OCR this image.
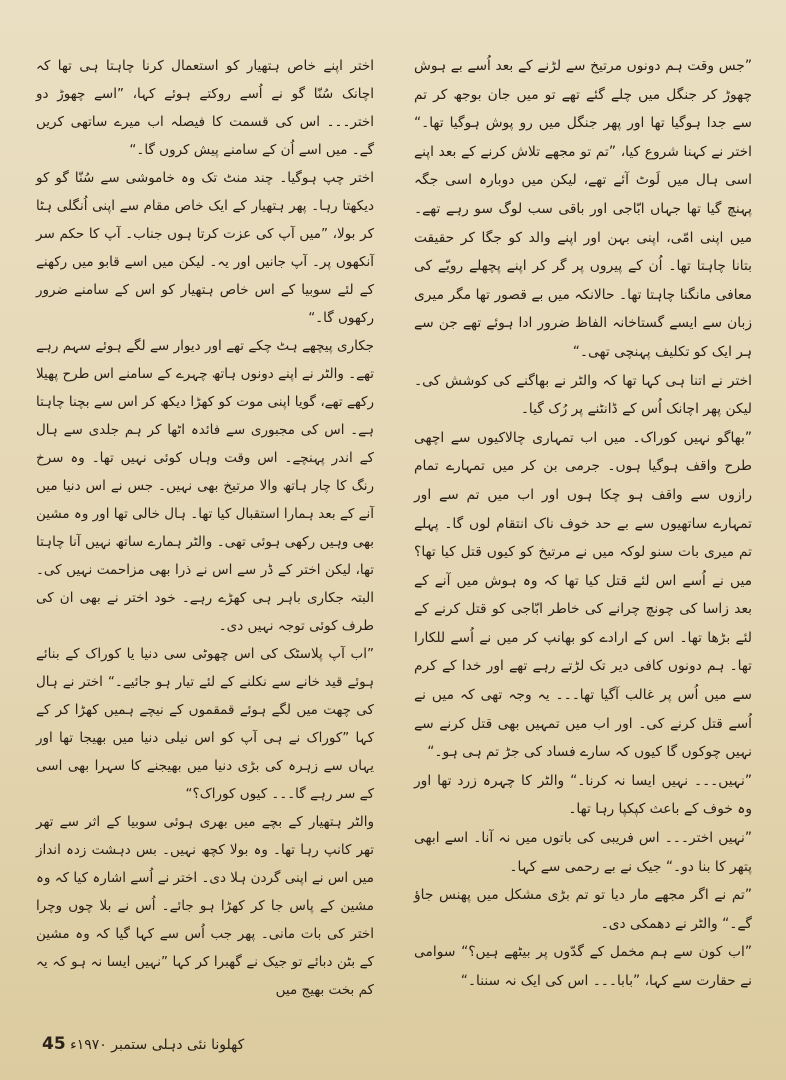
”جس وقت ہم دونوں مرتیخ سے لڑنے کے بعد اُسے بے ہوش چھوڑ کر جنگل میں چلے گئے تھے تو میں جان بوجھ کر تم سے جدا ہوگیا تھا اور پھر جنگل میں رو پوش ہوگیا تھا۔“ اختر نے کہنا شروع کیا، ”تم تو مجھے تلاش کرنے کے بعد اپنے اسی ہال میں لَوٹ آئے تھے، لیکن میں دوبارہ اسی جگہ پہنچ گیا تھا جہاں ابّاجی اور باقی سب لوگ سو رہے تھے۔ میں اپنی امّی، اپنی بہن اور اپنے والد کو جگا کر حقیقت بتانا چاہتا تھا۔ اُن کے پیروں پر گر کر اپنے پچھلے رویّے کی معافی مانگنا چاہتا تھا۔ حالانکہ میں بے قصور تھا مگر میری زبان سے ایسے گستاخانہ الفاظ ضرور ادا ہوئے تھے جن سے ہر ایک کو تکلیف پہنچی تھی۔“

اختر نے اتنا ہی کہا تھا کہ والٹر نے بھاگنے کی کوشش کی۔ لیکن پھر اچانک اُس کے ڈانٹنے پر رُک گیا۔

”بھاگو نہیں کوراک۔ میں اب تمہاری چالاکیوں سے اچھی طرح واقف ہوگیا ہوں۔ جرمی بن کر میں تمہارے تمام رازوں سے واقف ہو چکا ہوں اور اب میں تم سے اور تمہارے ساتھیوں سے بے حد خوف ناک انتقام لوں گا۔ پہلے تم میری بات سنو لوکہ میں نے مرتیخ کو کیوں قتل کیا تھا؟ میں نے اُسے اس لئے قتل کیا تھا کہ وہ ہوش میں آنے کے بعد زاسا کی چونچ چرانے کی خاطر ابّاجی کو قتل کرنے کے لئے بڑھا تھا۔ اس کے ارادے کو بھانپ کر میں نے اُسے للکارا تھا۔ ہم دونوں کافی دیر تک لڑتے رہے تھے اور خدا کے کرم سے میں اُس پر غالب آگیا تھا۔۔۔ یہ وجہ تھی کہ میں نے اُسے قتل کرنے کی۔ اور اب میں تمہیں بھی قتل کرنے سے نہیں چوکوں گا کیوں کہ سارے فساد کی جڑ تم ہی ہو۔“

”نہیں۔۔۔ نہیں ایسا نہ کرنا۔“ والٹر کا چہرہ زرد تھا اور وہ خوف کے باعث کپکپا رہا تھا۔

”نہیں اختر۔۔۔ اس فریبی کی باتوں میں نہ آنا۔ اسے ابھی پتھر کا بنا دو۔“ جیک نے بے رحمی سے کہا۔

”تم نے اگر مجھے مار دیا تو تم بڑی مشکل میں پھنس جاؤ گے۔“ والٹر نے دھمکی دی۔

”اب کون سے ہم مخمل کے گدّوں پر بیٹھے ہیں؟“ سوامی نے حقارت سے کہا، ”بابا۔۔۔ اس کی ایک نہ سننا۔“

اختر اپنے خاص ہتھیار کو استعمال کرنا چاہتا ہی تھا کہ اچانک سُنّا گو نے اُسے روکتے ہوئے کہا، ”اسے چھوڑ دو اختر۔۔۔ اس کی قسمت کا فیصلہ اب میرے ساتھی کریں گے۔ میں اسے اُن کے سامنے پیش کروں گا۔“

اختر چپ ہوگیا۔ چند منٹ تک وہ خاموشی سے سُنّا گو کو دیکھتا رہا۔ پھر ہتھیار کے ایک خاص مقام سے اپنی اُنگلی ہٹا کر بولا، ”میں آپ کی عزت کرتا ہوں جناب۔ آپ کا حکم سر آنکھوں پر۔ آپ جانیں اور یہ۔ لیکن میں اسے قابو میں رکھنے کے لئے سوبیا کے اس خاص ہتھیار کو اس کے سامنے ضرور رکھوں گا۔“

جکاری پیچھے ہٹ چکے تھے اور دیوار سے لگے ہوئے سہم رہے تھے۔ والٹر نے اپنے دونوں ہاتھ چہرے کے سامنے اس طرح پھیلا رکھے تھے، گویا اپنی موت کو کھڑا دیکھ کر اس سے بچنا چاہتا ہے۔ اس کی مجبوری سے فائدہ اٹھا کر ہم جلدی سے ہال کے اندر پہنچے۔ اس وقت وہاں کوئی نہیں تھا۔ وہ سرخ رنگ کا چار ہاتھ والا مرتیخ بھی نہیں۔ جس نے اس دنیا میں آنے کے بعد ہمارا استقبال کیا تھا۔ ہال خالی تھا اور وہ مشین بھی وہیں رکھی ہوئی تھی۔ والٹر ہمارے ساتھ نہیں آنا چاہتا تھا، لیکن اختر کے ڈر سے اس نے ذرا بھی مزاحمت نہیں کی۔ البتہ جکاری باہر ہی کھڑے رہے۔ خود اختر نے بھی ان کی طرف کوئی توجہ نہیں دی۔

”اب آپ پلاسٹک کی اس چھوٹی سی دنیا یا کوراک کے بنائے ہوئے قید خانے سے نکلنے کے لئے تیار ہو جائیے۔“ اختر نے ہال کی چھت میں لگے ہوئے قمقموں کے نیچے ہمیں کھڑا کر کے کہا ”کوراک نے ہی آپ کو اس نیلی دنیا میں بھیجا تھا اور یہاں سے زہرہ کی بڑی دنیا میں بھیجنے کا سہرا بھی اسی کے سر رہے گا۔۔۔ کیوں کوراک؟“

والٹر ہتھیار کے بچے میں بھری ہوئی سوبیا کے اثر سے تھر تھر کانپ رہا تھا۔ وہ بولا کچھ نہیں۔ بس دہشت زدہ انداز میں اس نے اپنی گردن ہلا دی۔ اختر نے اُسے اشارہ کیا کہ وہ مشین کے پاس جا کر کھڑا ہو جائے۔ اُس نے بلا چوں وچرا اختر کی بات مانی۔ پھر جب اُس سے کہا گیا کہ وہ مشین کے بٹن دبائے تو جیک نے گھبرا کر کہا ”نہیں ایسا نہ ہو کہ یہ کم بخت بھیج میں

کھلونا نئی دہلی ستمبر ۱۹۷۰ء 45
